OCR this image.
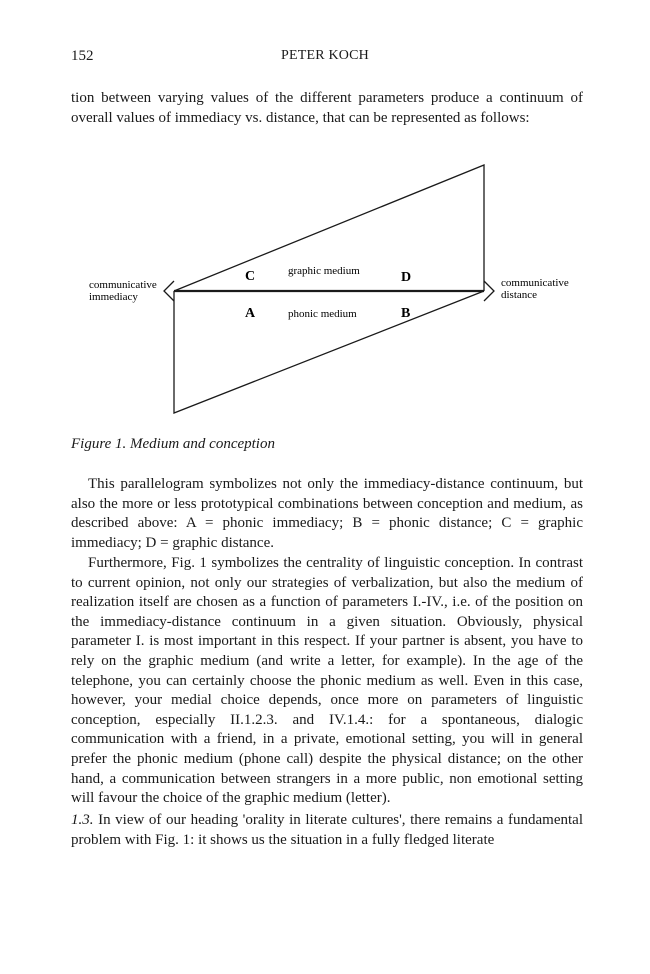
152	PETER KOCH

tion between varying values of the different parameters produce a continuum of overall values of immediacy vs. distance, that can be represented as follows:

communicative
immediacy
communicative
distance
C	graphic medium	D
A	phonic medium	B

Figure 1. Medium and conception

This parallelogram symbolizes not only the immediacy-distance continuum, but also the more or less prototypical combinations between conception and medium, as described above: A = phonic immediacy; B = phonic distance; C = graphic immediacy; D = graphic distance.

Furthermore, Fig. 1 symbolizes the centrality of linguistic conception. In contrast to current opinion, not only our strategies of verbalization, but also the medium of realization itself are chosen as a function of parameters I.-IV., i.e. of the position on the immediacy-distance continuum in a given situation. Obviously, physical parameter I. is most important in this respect. If your partner is absent, you have to rely on the graphic medium (and write a letter, for example). In the age of the telephone, you can certainly choose the phonic medium as well. Even in this case, however, your medial choice depends, once more on parameters of linguistic conception, especially II.1.2.3. and IV.1.4.: for a spontaneous, dialogic communication with a friend, in a private, emotional setting, you will in general prefer the phonic medium (phone call) despite the physical distance; on the other hand, a communication between strangers in a more public, non emotional setting will favour the choice of the graphic medium (letter).

1.3. In view of our heading 'orality in literate cultures', there remains a fundamental problem with Fig. 1: it shows us the situation in a fully fledged literate
